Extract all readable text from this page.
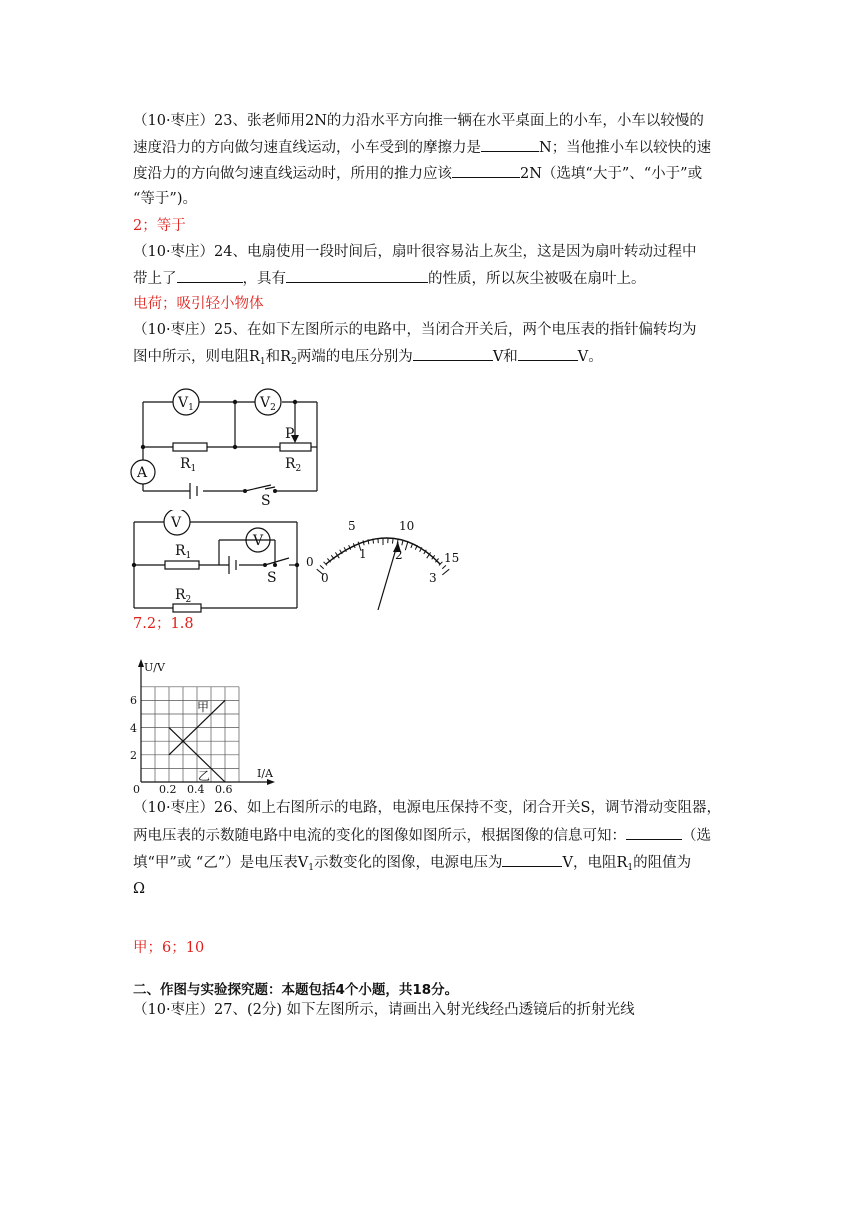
（10·枣庄）23、张老师用2N的力沿水平方向推一辆在水平桌面上的小车，小车以较慢的
速度沿力的方向做匀速直线运动，小车受到的摩擦力是	N；当他推小车以较快的速
度沿力的方向做匀速直线运动时，所用的推力应该	2N（选填“大于”、“小于”或
“等于”)。
2；等于
（10·枣庄）24、电扇使用一段时间后，扇叶很容易沾上灰尘，这是因为扇叶转动过程中
带上了	，具有	的性质，所以灰尘被吸在扇叶上。
电荷；吸引轻小物体
（10·枣庄）25、在如下左图所示的电路中，当闭合开关后，两个电压表的指针偏转均为
图中所示，则电阻$R_1$和$R_2$两端的电压分别为	V和	V。
$V_1$	$V_2$
A
P
$R_1$	$R_2$
S
V
V
$R_1$
$R_2$
S
0
5	10
15
0
1 2
3
7.2；1.8
U/V
I/A
2
4
6
0 0.2 0.4 0.6
甲
乙
（10·枣庄）26、如上右图所示的电路，电源电压保持不变，闭合开关S，调节滑动变阻器，
两电压表的示数随电路中电流的变化的图像如图所示，根据图像的信息可知：	（选
填“甲”或 “乙”）是电压表$V_1$示数变化的图像，电源电压为	V，电阻$R_1$的阻值为
Ω
甲；6；10
二、作图与实验探究题：本题包括4个小题，共18分。
（10·枣庄）27、(2分) 如下左图所示，请画出入射光线经凸透镜后的折射光线
